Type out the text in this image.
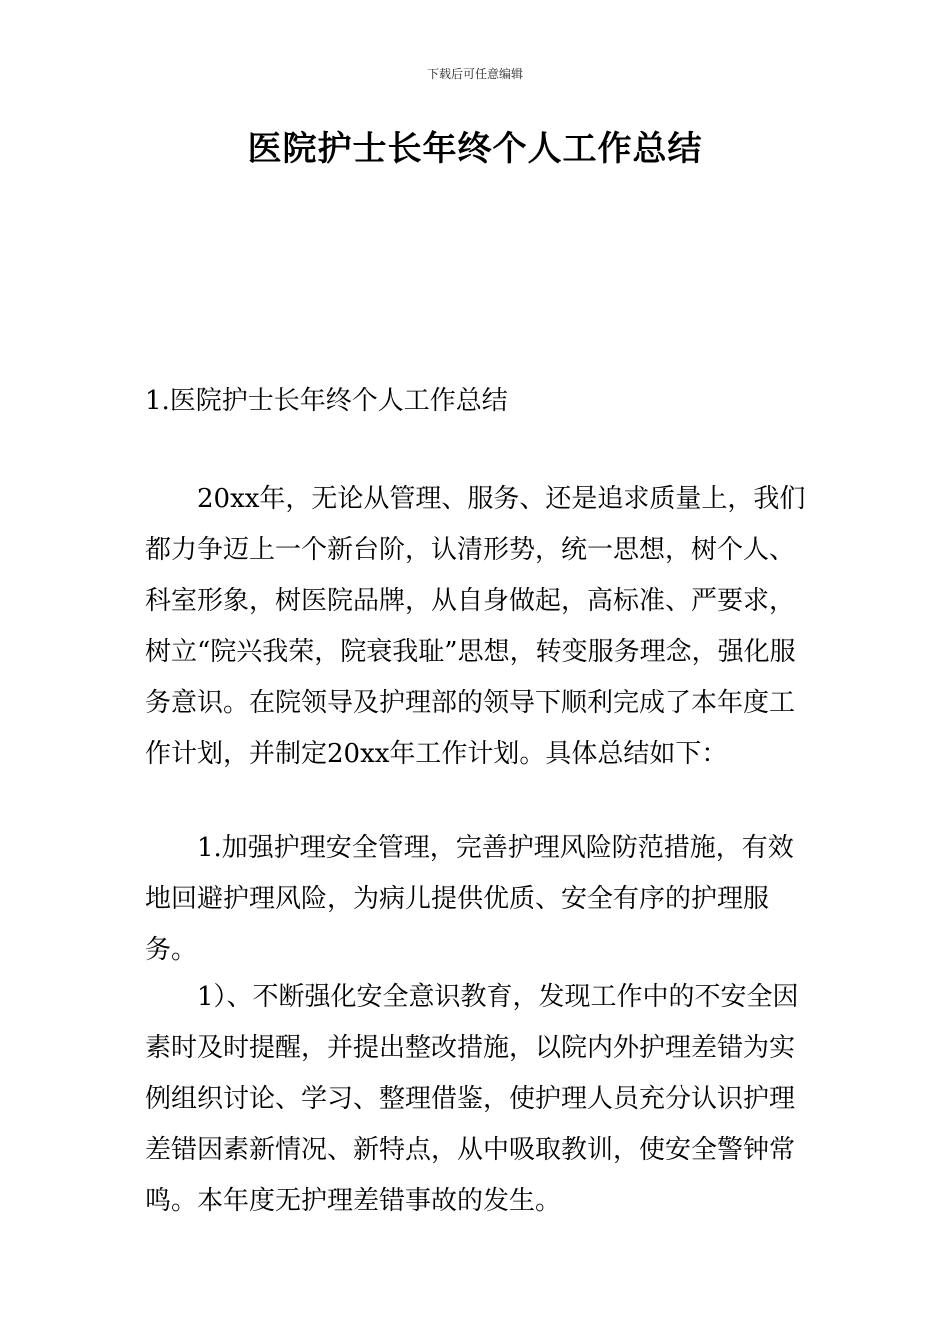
下载后可任意编辑
医院护士长年终个人工作总结

1.医院护士长年终个人工作总结

20xx年，无论从管理、服务、还是追求质量上，我们都力争迈上一个新台阶，认清形势，统一思想，树个人、科室形象，树医院品牌，从自身做起，高标准、严要求，树立“院兴我荣，院衰我耻”思想，转变服务理念，强化服务意识。在院领导及护理部的领导下顺利完成了本年度工作计划，并制定20xx年工作计划。具体总结如下：

1.加强护理安全管理，完善护理风险防范措施，有效地回避护理风险，为病儿提供优质、安全有序的护理服务。

1）、不断强化安全意识教育，发现工作中的不安全因素时及时提醒，并提出整改措施，以院内外护理差错为实例组织讨论、学习、整理借鉴，使护理人员充分认识护理差错因素新情况、新特点，从中吸取教训，使安全警钟常鸣。本年度无护理差错事故的发生。
